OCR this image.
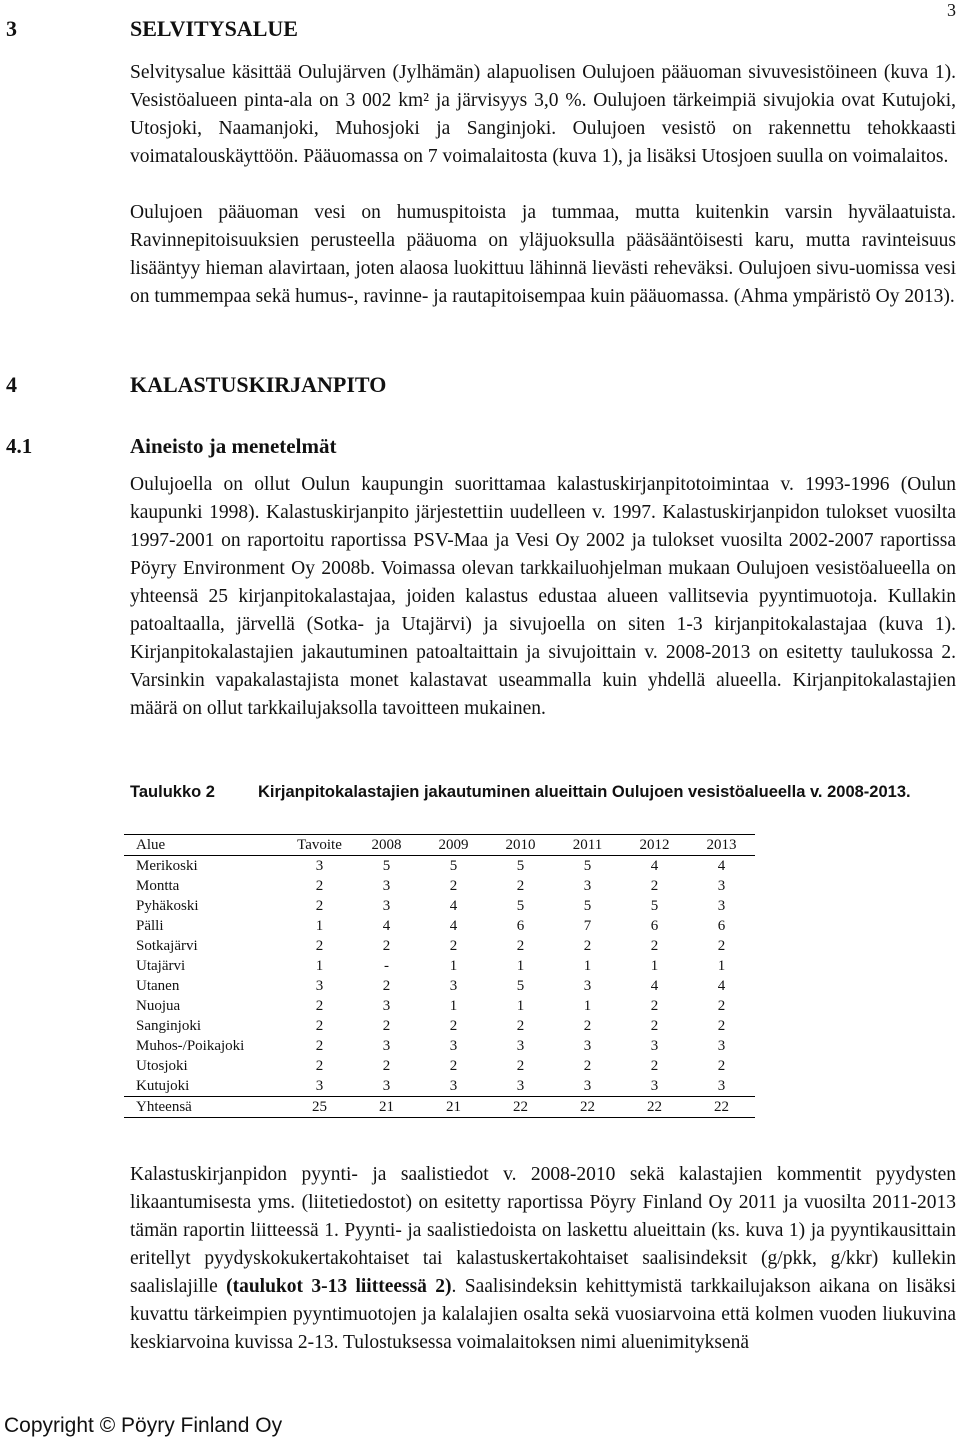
3
3	SELVITYSALUE
Selvitysalue käsittää Oulujärven (Jylhämän) alapuolisen Oulujoen pääuoman sivuvesistöineen (kuva 1). Vesistöalueen pinta-ala on 3 002 km² ja järvisyys 3,0 %. Oulujoen tärkeimpiä sivujokia ovat Kutujoki, Utosjoki, Naamanjoki, Muhosjoki ja Sanginjoki. Oulujoen vesistö on rakennettu tehokkaasti voimatalouskäyttöön. Pääuomassa on 7 voimalaitosta (kuva 1), ja lisäksi Utosjoen suulla on voimalaitos.
Oulujoen pääuoman vesi on humuspitoista ja tummaa, mutta kuitenkin varsin hyvälaatuista. Ravinnepitoisuuksien perusteella pääuoma on yläjuoksulla pääsääntöisesti karu, mutta ravinteisuus lisääntyy hieman alavirtaan, joten alaosa luokittuu lähinnä lievästi reheväksi. Oulujoen sivu-uomissa vesi on tummempaa sekä humus-, ravinne- ja rautapitoisempaa kuin pääuomassa. (Ahma ympäristö Oy 2013).
4	KALASTUSKIRJANPITO
4.1	Aineisto ja menetelmät
Oulujoella on ollut Oulun kaupungin suorittamaa kalastuskirjanpitotoimintaa v. 1993-1996 (Oulun kaupunki 1998). Kalastuskirjanpito järjestettiin uudelleen v. 1997. Kalastuskirjanpidon tulokset vuosilta 1997-2001 on raportoitu raportissa PSV-Maa ja Vesi Oy 2002 ja tulokset vuosilta 2002-2007 raportissa Pöyry Environment Oy 2008b. Voimassa olevan tarkkailuohjelman mukaan Oulujoen vesistöalueella on yhteensä 25 kirjanpitokalastajaa, joiden kalastus edustaa alueen vallitsevia pyyntimuotoja. Kullakin patoaltaalla, järvellä (Sotka- ja Utajärvi) ja sivujoella on siten 1-3 kirjanpitokalastajaa (kuva 1). Kirjanpitokalastajien jakautuminen patoaltaittain ja sivujoittain v. 2008-2013 on esitetty taulukossa 2. Varsinkin vapakalastajista monet kalastavat useammalla kuin yhdellä alueella. Kirjanpitokalastajien määrä on ollut tarkkailujaksolla tavoitteen mukainen.
Taulukko 2	Kirjanpitokalastajien jakautuminen alueittain Oulujoen vesistöalueella v. 2008-2013.
Alue	Tavoite	2008	2009	2010	2011	2012	2013
Merikoski	3	5	5	5	5	4	4
Montta	2	3	2	2	3	2	3
Pyhäkoski	2	3	4	5	5	5	3
Pälli	1	4	4	6	7	6	6
Sotkajärvi	2	2	2	2	2	2	2
Utajärvi	1	-	1	1	1	1	1
Utanen	3	2	3	5	3	4	4
Nuojua	2	3	1	1	1	2	2
Sanginjoki	2	2	2	2	2	2	2
Muhos-/Poikajoki	2	3	3	3	3	3	3
Utosjoki	2	2	2	2	2	2	2
Kutujoki	3	3	3	3	3	3	3
Yhteensä	25	21	21	22	22	22	22
Kalastuskirjanpidon pyynti- ja saalistiedot v. 2008-2010 sekä kalastajien kommentit pyydysten likaantumisesta yms. (liitetiedostot) on esitetty raportissa Pöyry Finland Oy 2011 ja vuosilta 2011-2013 tämän raportin liitteessä 1. Pyynti- ja saalistiedoista on laskettu alueittain (ks. kuva 1) ja pyyntikausittain eritellyt pyydyskokukertakohtaiset tai kalastuskertakohtaiset saalisindeksit (g/pkk, g/kkr) kullekin saalislajille (taulukot 3-13 liitteessä 2). Saalisindeksin kehittymistä tarkkailujakson aikana on lisäksi kuvattu tärkeimpien pyyntimuotojen ja kalalajien osalta sekä vuosiarvoina että kolmen vuoden liukuvina keskiarvoina kuvissa 2-13. Tulostuksessa voimalaitoksen nimi aluenimityksenä
Copyright © Pöyry Finland Oy
